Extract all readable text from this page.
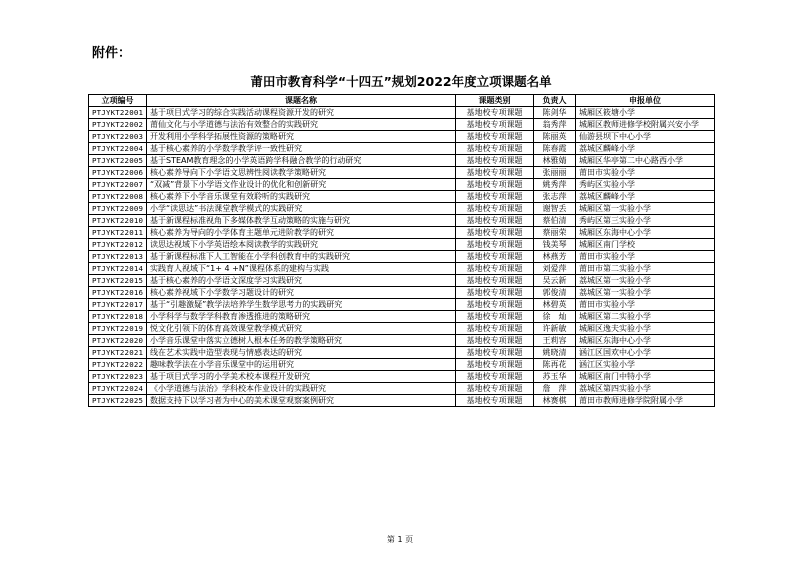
附件：
莆田市教育科学“十四五”规划2022年度立项课题名单
立项编号	课题名称	课题类别	负责人	申报单位
PTJYKT22001	基于项目式学习的综合实践活动课程资源开发的研究	基地校专项课题	陈剑华	城厢区筱塘小学
PTJYKT22002	莆仙文化与小学道德与法治有效整合的实践研究	基地校专项课题	翁秀萍	城厢区教师进修学校附属兴安小学
PTJYKT22003	开发利用小学科学拓展性资源的策略研究	基地校专项课题	陈丽英	仙游县坝下中心小学
PTJYKT22004	基于核心素养的小学数学教学评一致性研究	基地校专项课题	陈春霞	荔城区麟峰小学
PTJYKT22005	基于STEAM教育理念的小学英语跨学科融合教学的行动研究	基地校专项课题	林雅婧	城厢区华亭第二中心路西小学
PTJYKT22006	核心素养导向下小学语文思辨性阅读教学策略研究	基地校专项课题	张丽丽	莆田市实验小学
PTJYKT22007	“双减”背景下小学语文作业设计的优化和创新研究	基地校专项课题	姚秀萍	秀屿区实验小学
PTJYKT22008	核心素养下小学音乐课堂有效聆听的实践研究	基地校专项课题	张志萍	荔城区麟峰小学
PTJYKT22009	小学“读思达”书法课堂教学模式的实践研究	基地校专项课题	谢智丢	城厢区第一实验小学
PTJYKT22010	基于新课程标准视角下多媒体教学互动策略的实施与研究	基地校专项课题	蔡伯清	秀屿区第三实验小学
PTJYKT22011	核心素养为导向的小学体育主题单元进阶教学的研究	基地校专项课题	蔡丽荣	城厢区东海中心小学
PTJYKT22012	读思达视域下小学英语绘本阅读教学的实践研究	基地校专项课题	钱美琴	城厢区南门学校
PTJYKT22013	基于新课程标准下人工智能在小学科创教育中的实践研究	基地校专项课题	林燕芳	莆田市实验小学
PTJYKT22014	实践育人视域下“1+ 4 +N”课程体系的建构与实践	基地校专项课题	刘爱萍	莆田市第二实验小学
PTJYKT22015	基于核心素养的小学语文深度学习实践研究	基地校专项课题	吴云新	荔城区第一实验小学
PTJYKT22016	核心素养视域下小学数学习题设计的研究	基地校专项课题	郭俊清	荔城区第一实验小学
PTJYKT22017	基于“引趣激疑”教学法培养学生数学思考力的实践研究	基地校专项课题	林碧英	莆田市实验小学
PTJYKT22018	小学科学与数学学科教育渗透推进的策略研究	基地校专项课题	徐　灿	城厢区第二实验小学
PTJYKT22019	悦文化引领下的体育高效课堂教学模式研究	基地校专项课题	许新敏	城厢区逸夫实验小学
PTJYKT22020	小学音乐课堂中落实立德树人根本任务的教学策略研究	基地校专项课题	王莉容	城厢区东海中心小学
PTJYKT22021	线在艺术实践中造型表现与情感表达的研究	基地校专项课题	姚晓清	涵江区国欢中心小学
PTJYKT22022	趣味教学法在小学音乐课堂中的运用研究	基地校专项课题	陈再花	涵江区实验小学
PTJYKT22023	基于项目式学习的小学美术校本课程开发研究	基地校专项课题	苏玉华	城厢区南门中特小学
PTJYKT22024	《小学道德与法治》学科校本作业设计的实践研究	基地校专项课题	詹　萍	荔城区第四实验小学
PTJYKT22025	数据支持下以学习者为中心的美术课堂观察案例研究	基地校专项课题	林赛棋	莆田市教师进修学院附属小学
第 1 页
